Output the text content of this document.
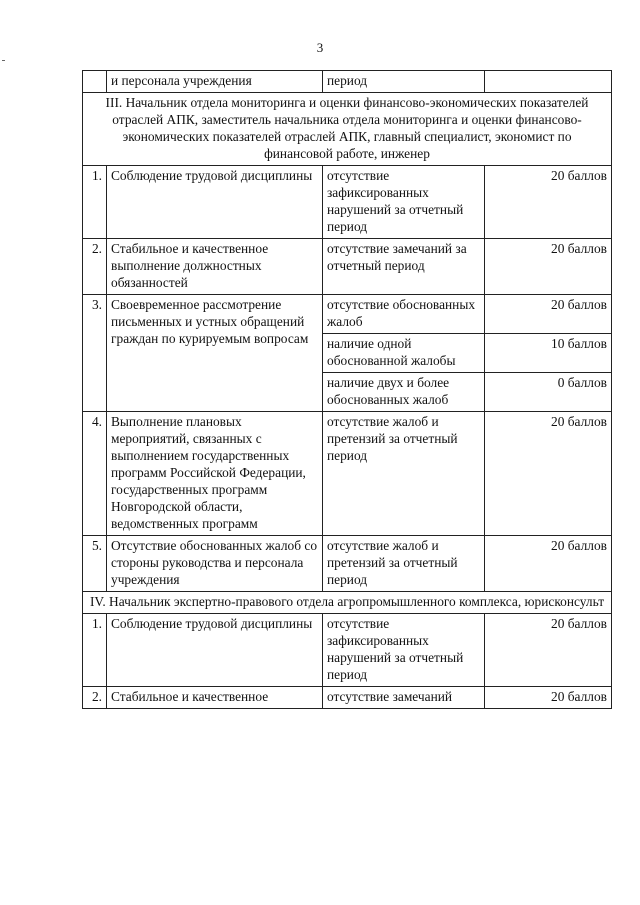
3
	и персонала учреждения	период	
III. Начальник отдела мониторинга и оценки финансово-экономических показателей отраслей АПК, заместитель начальника отдела мониторинга и оценки финансово-экономических показателей отраслей АПК, главный специалист, экономист по финансовой работе, инженер			
1.	Соблюдение трудовой дисциплины	отсутствие зафиксированных нарушений за отчетный период	20 баллов
2.	Стабильное и качественное выполнение должностных обязанностей	отсутствие замечаний за отчетный период	20 баллов
3.	Своевременное рассмотрение письменных и устных обращений граждан по курируемым вопросам	отсутствие обоснованных жалоб	20 баллов
		наличие одной обоснованной жалобы	10 баллов
		наличие двух и более обоснованных жалоб	0 баллов
4.	Выполнение плановых мероприятий, связанных с выполнением государственных программ Российской Федерации, государственных программ Новгородской области, ведомственных программ	отсутствие жалоб и претензий за отчетный период	20 баллов
5.	Отсутствие обоснованных жалоб со стороны руководства и персонала учреждения	отсутствие жалоб и претензий за отчетный период	20 баллов
IV. Начальник экспертно-правового отдела агропромышленного комплекса, юрисконсульт			
1.	Соблюдение трудовой дисциплины	отсутствие зафиксированных нарушений за отчетный период	20 баллов
2.	Стабильное и качественное	отсутствие замечаний	20 баллов
